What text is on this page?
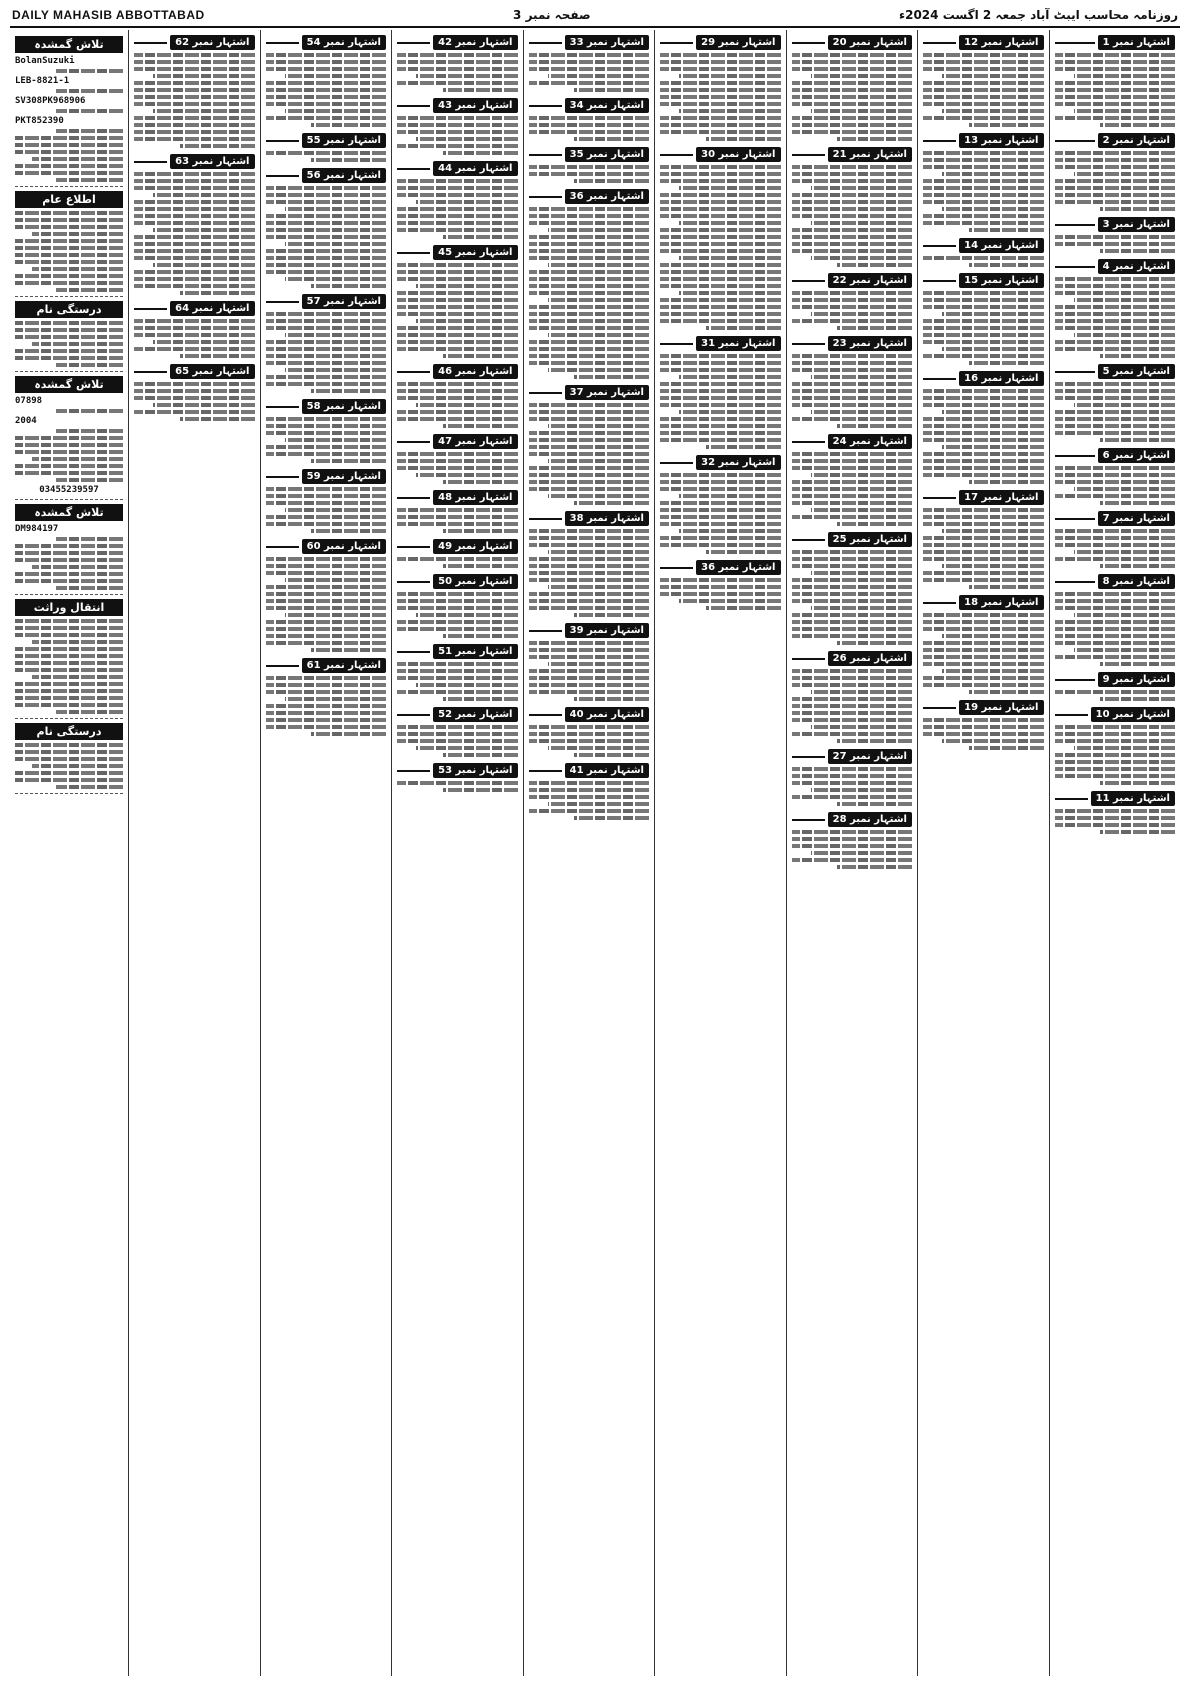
DAILY MAHASIB ABBOTTABAD	صفحہ نمبر 3	روزنامہ محاسب ایبٹ آباد جمعہ 2 اگست 2024ء
اشتہار نمبر 1
اشتہار نمبر 2
اشتہار نمبر 3
اشتہار نمبر 4
اشتہار نمبر 5
اشتہار نمبر 6
اشتہار نمبر 7
اشتہار نمبر 8
اشتہار نمبر 9
اشتہار نمبر 10
اشتہار نمبر 11
اشتہار نمبر 12
اشتہار نمبر 13
اشتہار نمبر 14
اشتہار نمبر 15
اشتہار نمبر 16
اشتہار نمبر 17
اشتہار نمبر 18
اشتہار نمبر 19
اشتہار نمبر 20
اشتہار نمبر 21
اشتہار نمبر 22
اشتہار نمبر 23
اشتہار نمبر 24
اشتہار نمبر 25
اشتہار نمبر 26
اشتہار نمبر 27
اشتہار نمبر 28
اشتہار نمبر 29
اشتہار نمبر 30
اشتہار نمبر 31
اشتہار نمبر 32
اشتہار نمبر 36
اشتہار نمبر 33
اشتہار نمبر 34
اشتہار نمبر 35
اشتہار نمبر 36
اشتہار نمبر 37
اشتہار نمبر 38
اشتہار نمبر 39
اشتہار نمبر 40
اشتہار نمبر 41
اشتہار نمبر 42
اشتہار نمبر 43
اشتہار نمبر 44
اشتہار نمبر 45
اشتہار نمبر 46
اشتہار نمبر 47
اشتہار نمبر 48
اشتہار نمبر 49
اشتہار نمبر 50
اشتہار نمبر 51
اشتہار نمبر 52
اشتہار نمبر 53
اشتہار نمبر 54
اشتہار نمبر 55
اشتہار نمبر 56
اشتہار نمبر 57
اشتہار نمبر 58
اشتہار نمبر 59
اشتہار نمبر 60
اشتہار نمبر 61
اشتہار نمبر 62
اشتہار نمبر 63
اشتہار نمبر 64
اشتہار نمبر 65
تلاش گمشدہ
BolanSuzuki
LEB-8821-1
SV308PK968906
PKT852390
اطلاع عام
درستگی نام
تلاش گمشدہ
07898
2004
03455239597
تلاش گمشدہ
DM984197
انتقال وراثت
درستگی نام
